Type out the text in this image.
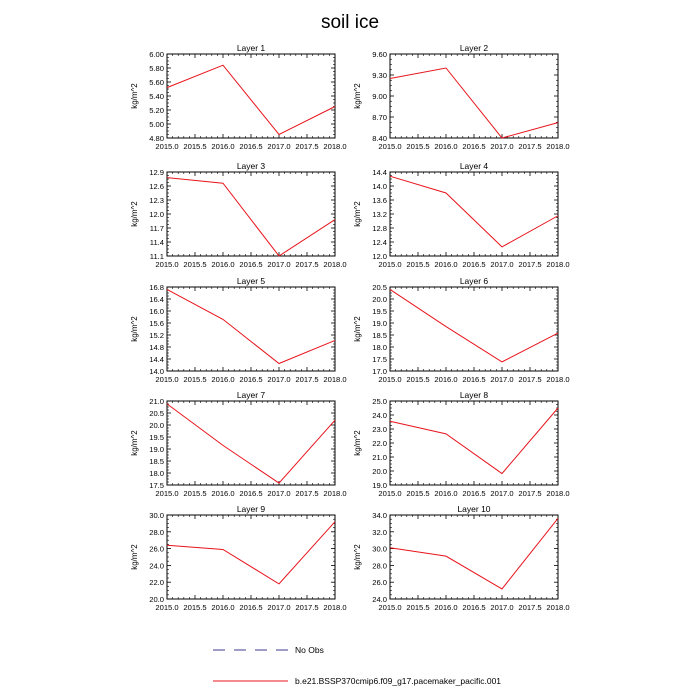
soil ice
Layer 1
4.80
5.00
5.20
5.40
5.60
5.80
6.00
2015.0 2015.5 2016.0 2016.5 2017.0 2017.5 2018.0
kg/m^2
Layer 2
8.40
8.70
9.00
9.30
9.60
2015.0 2015.5 2016.0 2016.5 2017.0 2017.5 2018.0
kg/m^2
Layer 3
11.1
11.4
11.7
12.0
12.3
12.6
12.9
2015.0 2015.5 2016.0 2016.5 2017.0 2017.5 2018.0
kg/m^2
Layer 4
12.0
12.4
12.8
13.2
13.6
14.0
14.4
2015.0 2015.5 2016.0 2016.5 2017.0 2017.5 2018.0
kg/m^2
Layer 5
14.0
14.4
14.8
15.2
15.6
16.0
16.4
16.8
2015.0 2015.5 2016.0 2016.5 2017.0 2017.5 2018.0
kg/m^2
Layer 6
17.0
17.5
18.0
18.5
19.0
19.5
20.0
20.5
2015.0 2015.5 2016.0 2016.5 2017.0 2017.5 2018.0
kg/m^2
Layer 7
17.5
18.0
18.5
19.0
19.5
20.0
20.5
21.0
2015.0 2015.5 2016.0 2016.5 2017.0 2017.5 2018.0
kg/m^2
Layer 8
19.0
20.0
21.0
22.0
23.0
24.0
25.0
2015.0 2015.5 2016.0 2016.5 2017.0 2017.5 2018.0
kg/m^2
Layer 9
20.0
22.0
24.0
26.0
28.0
30.0
2015.0 2015.5 2016.0 2016.5 2017.0 2017.5 2018.0
kg/m^2
Layer 10
24.0
26.0
28.0
30.0
32.0
34.0
2015.0 2015.5 2016.0 2016.5 2017.0 2017.5 2018.0
kg/m^2
No Obs
b.e21.BSSP370cmip6.f09_g17.pacemaker_pacific.001
